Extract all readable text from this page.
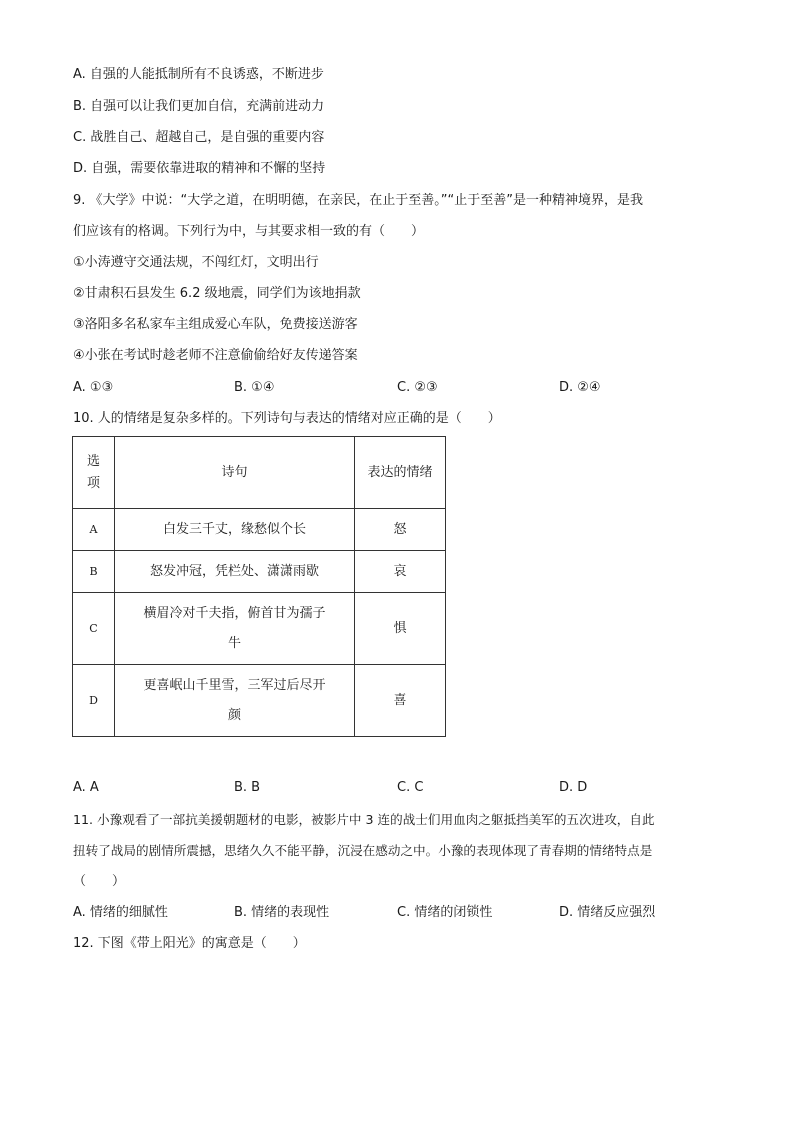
A. 自强的人能抵制所有不良诱惑，不断进步
B. 自强可以让我们更加自信，充满前进动力
C. 战胜自己、超越自己，是自强的重要内容
D. 自强，需要依靠进取的精神和不懈的坚持
9. 《大学》中说：“大学之道，在明明德，在亲民，在止于至善。”“止于至善”是一种精神境界，是我
们应该有的格调。下列行为中，与其要求相一致的有（　　）
①小涛遵守交通法规，不闯红灯，文明出行
②甘肃积石县发生 6.2 级地震，同学们为该地捐款
③洛阳多名私家车主组成爱心车队，免费接送游客
④小张在考试时趁老师不注意偷偷给好友传递答案
A. ①③	B. ①④	C. ②③	D. ②④
10. 人的情绪是复杂多样的。下列诗句与表达的情绪对应正确的是（　　）
选项	诗句	表达的情绪
A	白发三千丈，缘愁似个长	怒
B	怒发冲冠，凭栏处、潇潇雨歇	哀
C	横眉冷对千夫指，俯首甘为孺子牛	惧
D	更喜岷山千里雪，三军过后尽开颜	喜
A. A	B. B	C. C	D. D
11. 小豫观看了一部抗美援朝题材的电影，被影片中 3 连的战士们用血肉之躯抵挡美军的五次进攻，自此
扭转了战局的剧情所震撼，思绪久久不能平静，沉浸在感动之中。小豫的表现体现了青春期的情绪特点是
（　　）
A. 情绪的细腻性	B. 情绪的表现性	C. 情绪的闭锁性	D. 情绪反应强烈
12. 下图《带上阳光》的寓意是（　　）
